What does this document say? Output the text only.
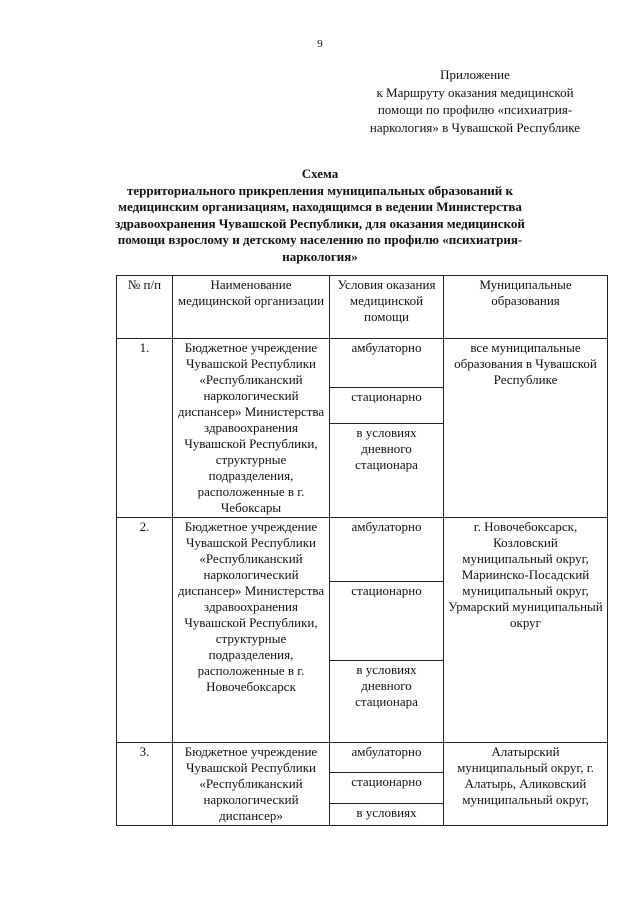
9
Приложение
к Маршруту оказания медицинской
помощи по профилю «психиатрия-
наркология» в Чувашской Республике
Схема
территориального прикрепления муниципальных образований к
медицинским организациям, находящимся в ведении Министерства
здравоохранения Чувашской Республики, для оказания медицинской
помощи взрослому и детскому населению по профилю «психиатрия-
наркология»
№ п/п	Наименование медицинской организации	Условия оказания медицинской помощи	Муниципальные образования
1.	Бюджетное учреждение Чувашской Республики «Республиканский наркологический диспансер» Министерства здравоохранения Чувашской Республики, структурные подразделения, расположенные в г. Чебоксары	амбулаторно	все муниципальные образования в Чувашской Республике
		стационарно	
		в условиях дневного стационара	
2.	Бюджетное учреждение Чувашской Республики «Республиканский наркологический диспансер» Министерства здравоохранения Чувашской Республики, структурные подразделения, расположенные в г. Новочебоксарск	амбулаторно	г. Новочебоксарск, Козловский муниципальный округ, Мариинско-Посадский муниципальный округ, Урмарский муниципальный округ
		стационарно	
		в условиях дневного стационара	
3.	Бюджетное учреждение Чувашской Республики «Республиканский наркологический диспансер»	амбулаторно	Алатырский муниципальный округ, г. Алатырь, Аликовский муниципальный округ,
		стационарно	
		в условиях	
